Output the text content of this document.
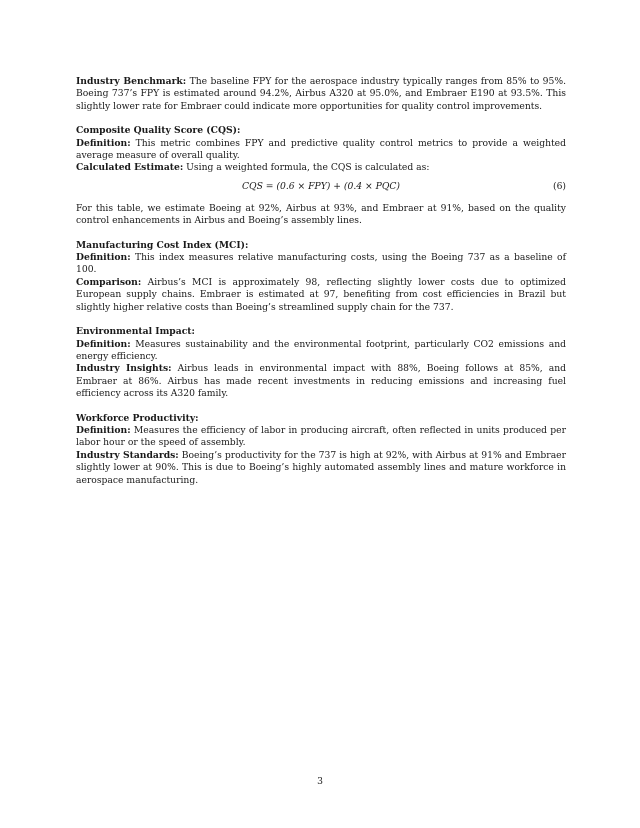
Industry Benchmark: The baseline FPY for the aerospace industry typically ranges from 85% to 95%. Boeing 737’s FPY is estimated around 94.2%, Airbus A320 at 95.0%, and Embraer E190 at 93.5%. This slightly lower rate for Embraer could indicate more opportunities for quality control improvements.

Composite Quality Score (CQS):

Definition: This metric combines FPY and predictive quality control metrics to provide a weighted average measure of overall quality.

Calculated Estimate: Using a weighted formula, the CQS is calculated as:

CQS = (0.6 × FPY) + (0.4 × PQC)	(6)

For this table, we estimate Boeing at 92%, Airbus at 93%, and Embraer at 91%, based on the quality control enhancements in Airbus and Boeing’s assembly lines.

Manufacturing Cost Index (MCI):

Definition: This index measures relative manufacturing costs, using the Boeing 737 as a baseline of 100.

Comparison: Airbus’s MCI is approximately 98, reflecting slightly lower costs due to optimized European supply chains. Embraer is estimated at 97, benefiting from cost efficiencies in Brazil but slightly higher relative costs than Boeing’s streamlined supply chain for the 737.

Environmental Impact:

Definition: Measures sustainability and the environmental footprint, particularly CO2 emissions and energy efficiency.

Industry Insights: Airbus leads in environmental impact with 88%, Boeing follows at 85%, and Embraer at 86%. Airbus has made recent investments in reducing emissions and increasing fuel efficiency across its A320 family.

Workforce Productivity:

Definition: Measures the efficiency of labor in producing aircraft, often reflected in units produced per labor hour or the speed of assembly.

Industry Standards: Boeing’s productivity for the 737 is high at 92%, with Airbus at 91% and Embraer slightly lower at 90%. This is due to Boeing’s highly automated assembly lines and mature workforce in aerospace manufacturing.

3
